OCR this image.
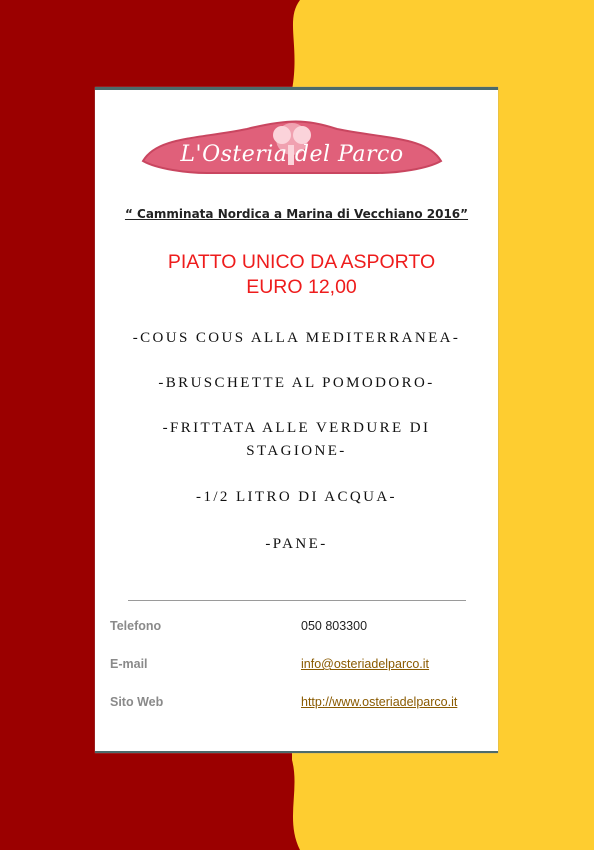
L'Osteria del Parco
CIBO, CULTURA e RELAX
“ Camminata Nordica a Marina di Vecchiano 2016”
PIATTO UNICO DA ASPORTO
EURO 12,00
-COUS COUS ALLA MEDITERRANEA-
-BRUSCHETTE AL POMODORO-
-FRITTATA ALLE VERDURE DI
STAGIONE-
-1/2 LITRO DI ACQUA-
-PANE-
Telefono	050 803300
E-mail	info@osteriadelparco.it
Sito Web	http://www.osteriadelparco.it
